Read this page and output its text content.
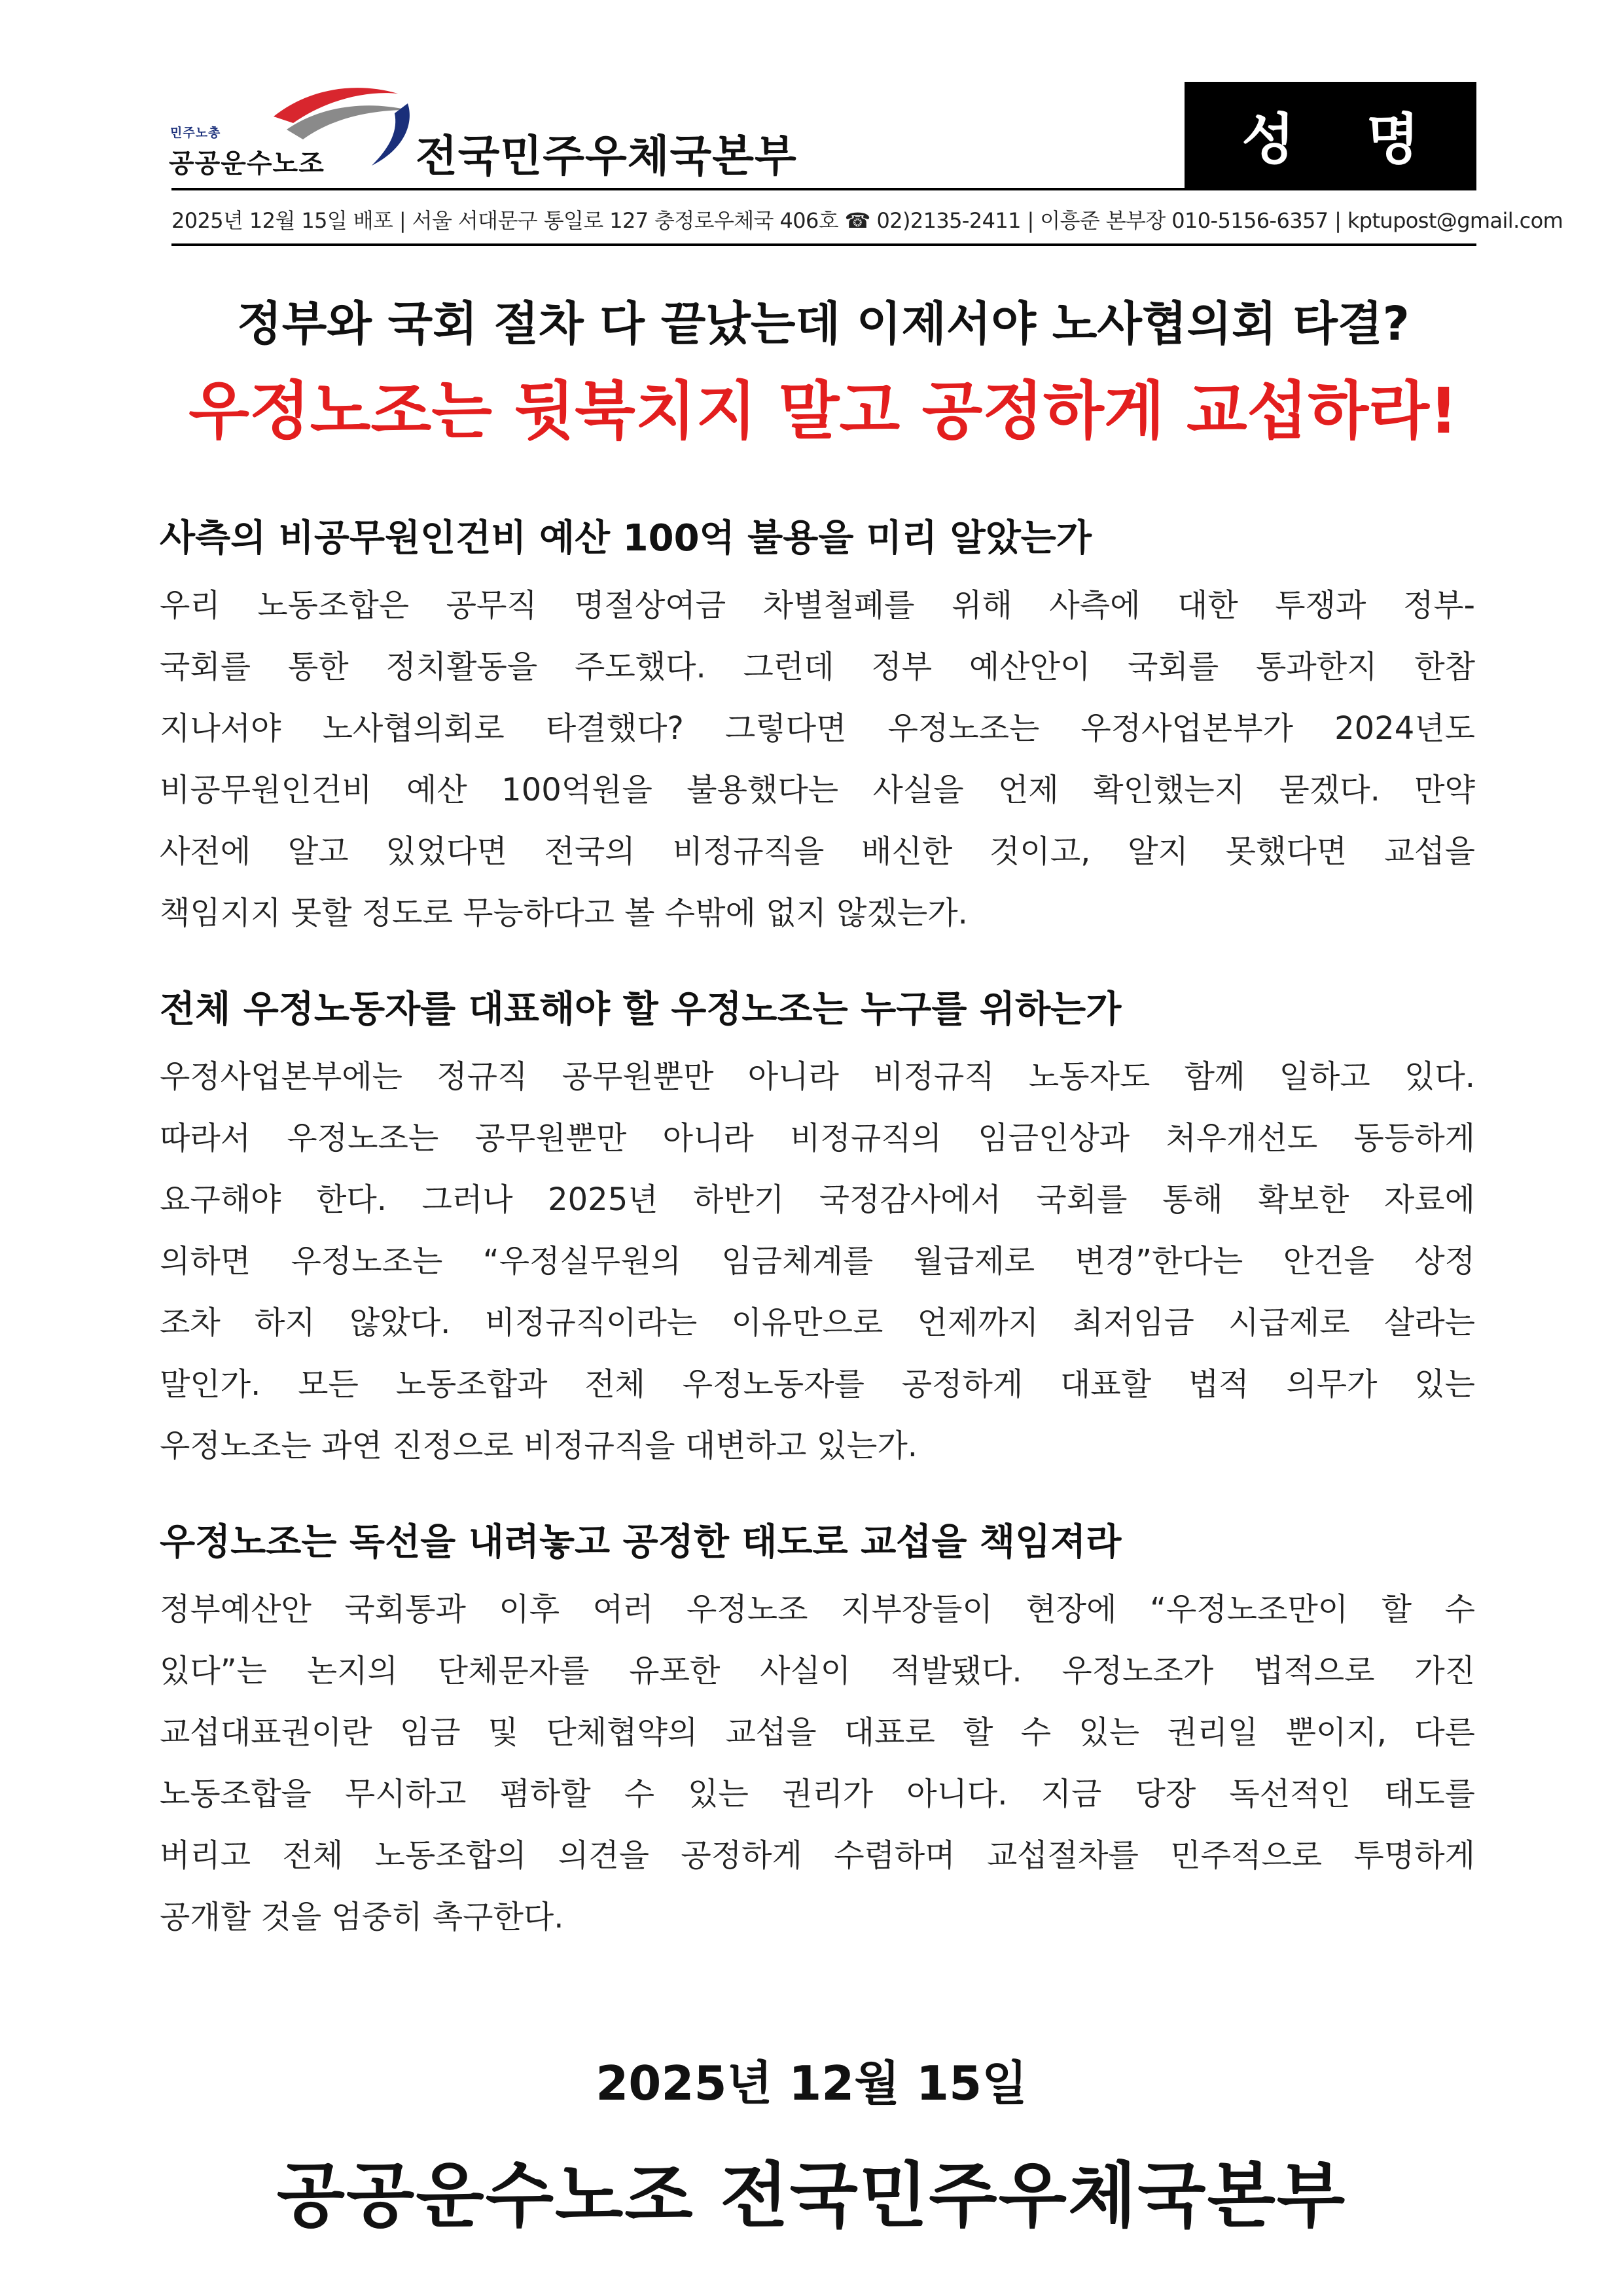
민주노총
공공운수노조 전국민주우체국본부	성 명
2025년 12월 15일 배포 | 서울 서대문구 통일로 127 충정로우체국 406호 ☎ 02)2135-2411 | 이흥준 본부장 010-5156-6357 | kptupost@gmail.com
정부와 국회 절차 다 끝났는데 이제서야 노사협의회 타결?
우정노조는 뒷북치지 말고 공정하게 교섭하라!
사측의 비공무원인건비 예산 100억 불용을 미리 알았는가
우리 노동조합은 공무직 명절상여금 차별철폐를 위해 사측에 대한 투쟁과 정부-
국회를 통한 정치활동을 주도했다. 그런데 정부 예산안이 국회를 통과한지 한참
지나서야 노사협의회로 타결했다? 그렇다면 우정노조는 우정사업본부가 2024년도
비공무원인건비 예산 100억원을 불용했다는 사실을 언제 확인했는지 묻겠다. 만약
사전에 알고 있었다면 전국의 비정규직을 배신한 것이고, 알지 못했다면 교섭을
책임지지 못할 정도로 무능하다고 볼 수밖에 없지 않겠는가.
전체 우정노동자를 대표해야 할 우정노조는 누구를 위하는가
우정사업본부에는 정규직 공무원뿐만 아니라 비정규직 노동자도 함께 일하고 있다.
따라서 우정노조는 공무원뿐만 아니라 비정규직의 임금인상과 처우개선도 동등하게
요구해야 한다. 그러나 2025년 하반기 국정감사에서 국회를 통해 확보한 자료에
의하면 우정노조는 “우정실무원의 임금체계를 월급제로 변경”한다는 안건을 상정
조차 하지 않았다. 비정규직이라는 이유만으로 언제까지 최저임금 시급제로 살라는
말인가. 모든 노동조합과 전체 우정노동자를 공정하게 대표할 법적 의무가 있는
우정노조는 과연 진정으로 비정규직을 대변하고 있는가.
우정노조는 독선을 내려놓고 공정한 태도로 교섭을 책임져라
정부예산안 국회통과 이후 여러 우정노조 지부장들이 현장에 “우정노조만이 할 수
있다”는 논지의 단체문자를 유포한 사실이 적발됐다. 우정노조가 법적으로 가진
교섭대표권이란 임금 및 단체협약의 교섭을 대표로 할 수 있는 권리일 뿐이지, 다른
노동조합을 무시하고 폄하할 수 있는 권리가 아니다. 지금 당장 독선적인 태도를
버리고 전체 노동조합의 의견을 공정하게 수렴하며 교섭절차를 민주적으로 투명하게
공개할 것을 엄중히 촉구한다.
2025년 12월 15일
공공운수노조 전국민주우체국본부
